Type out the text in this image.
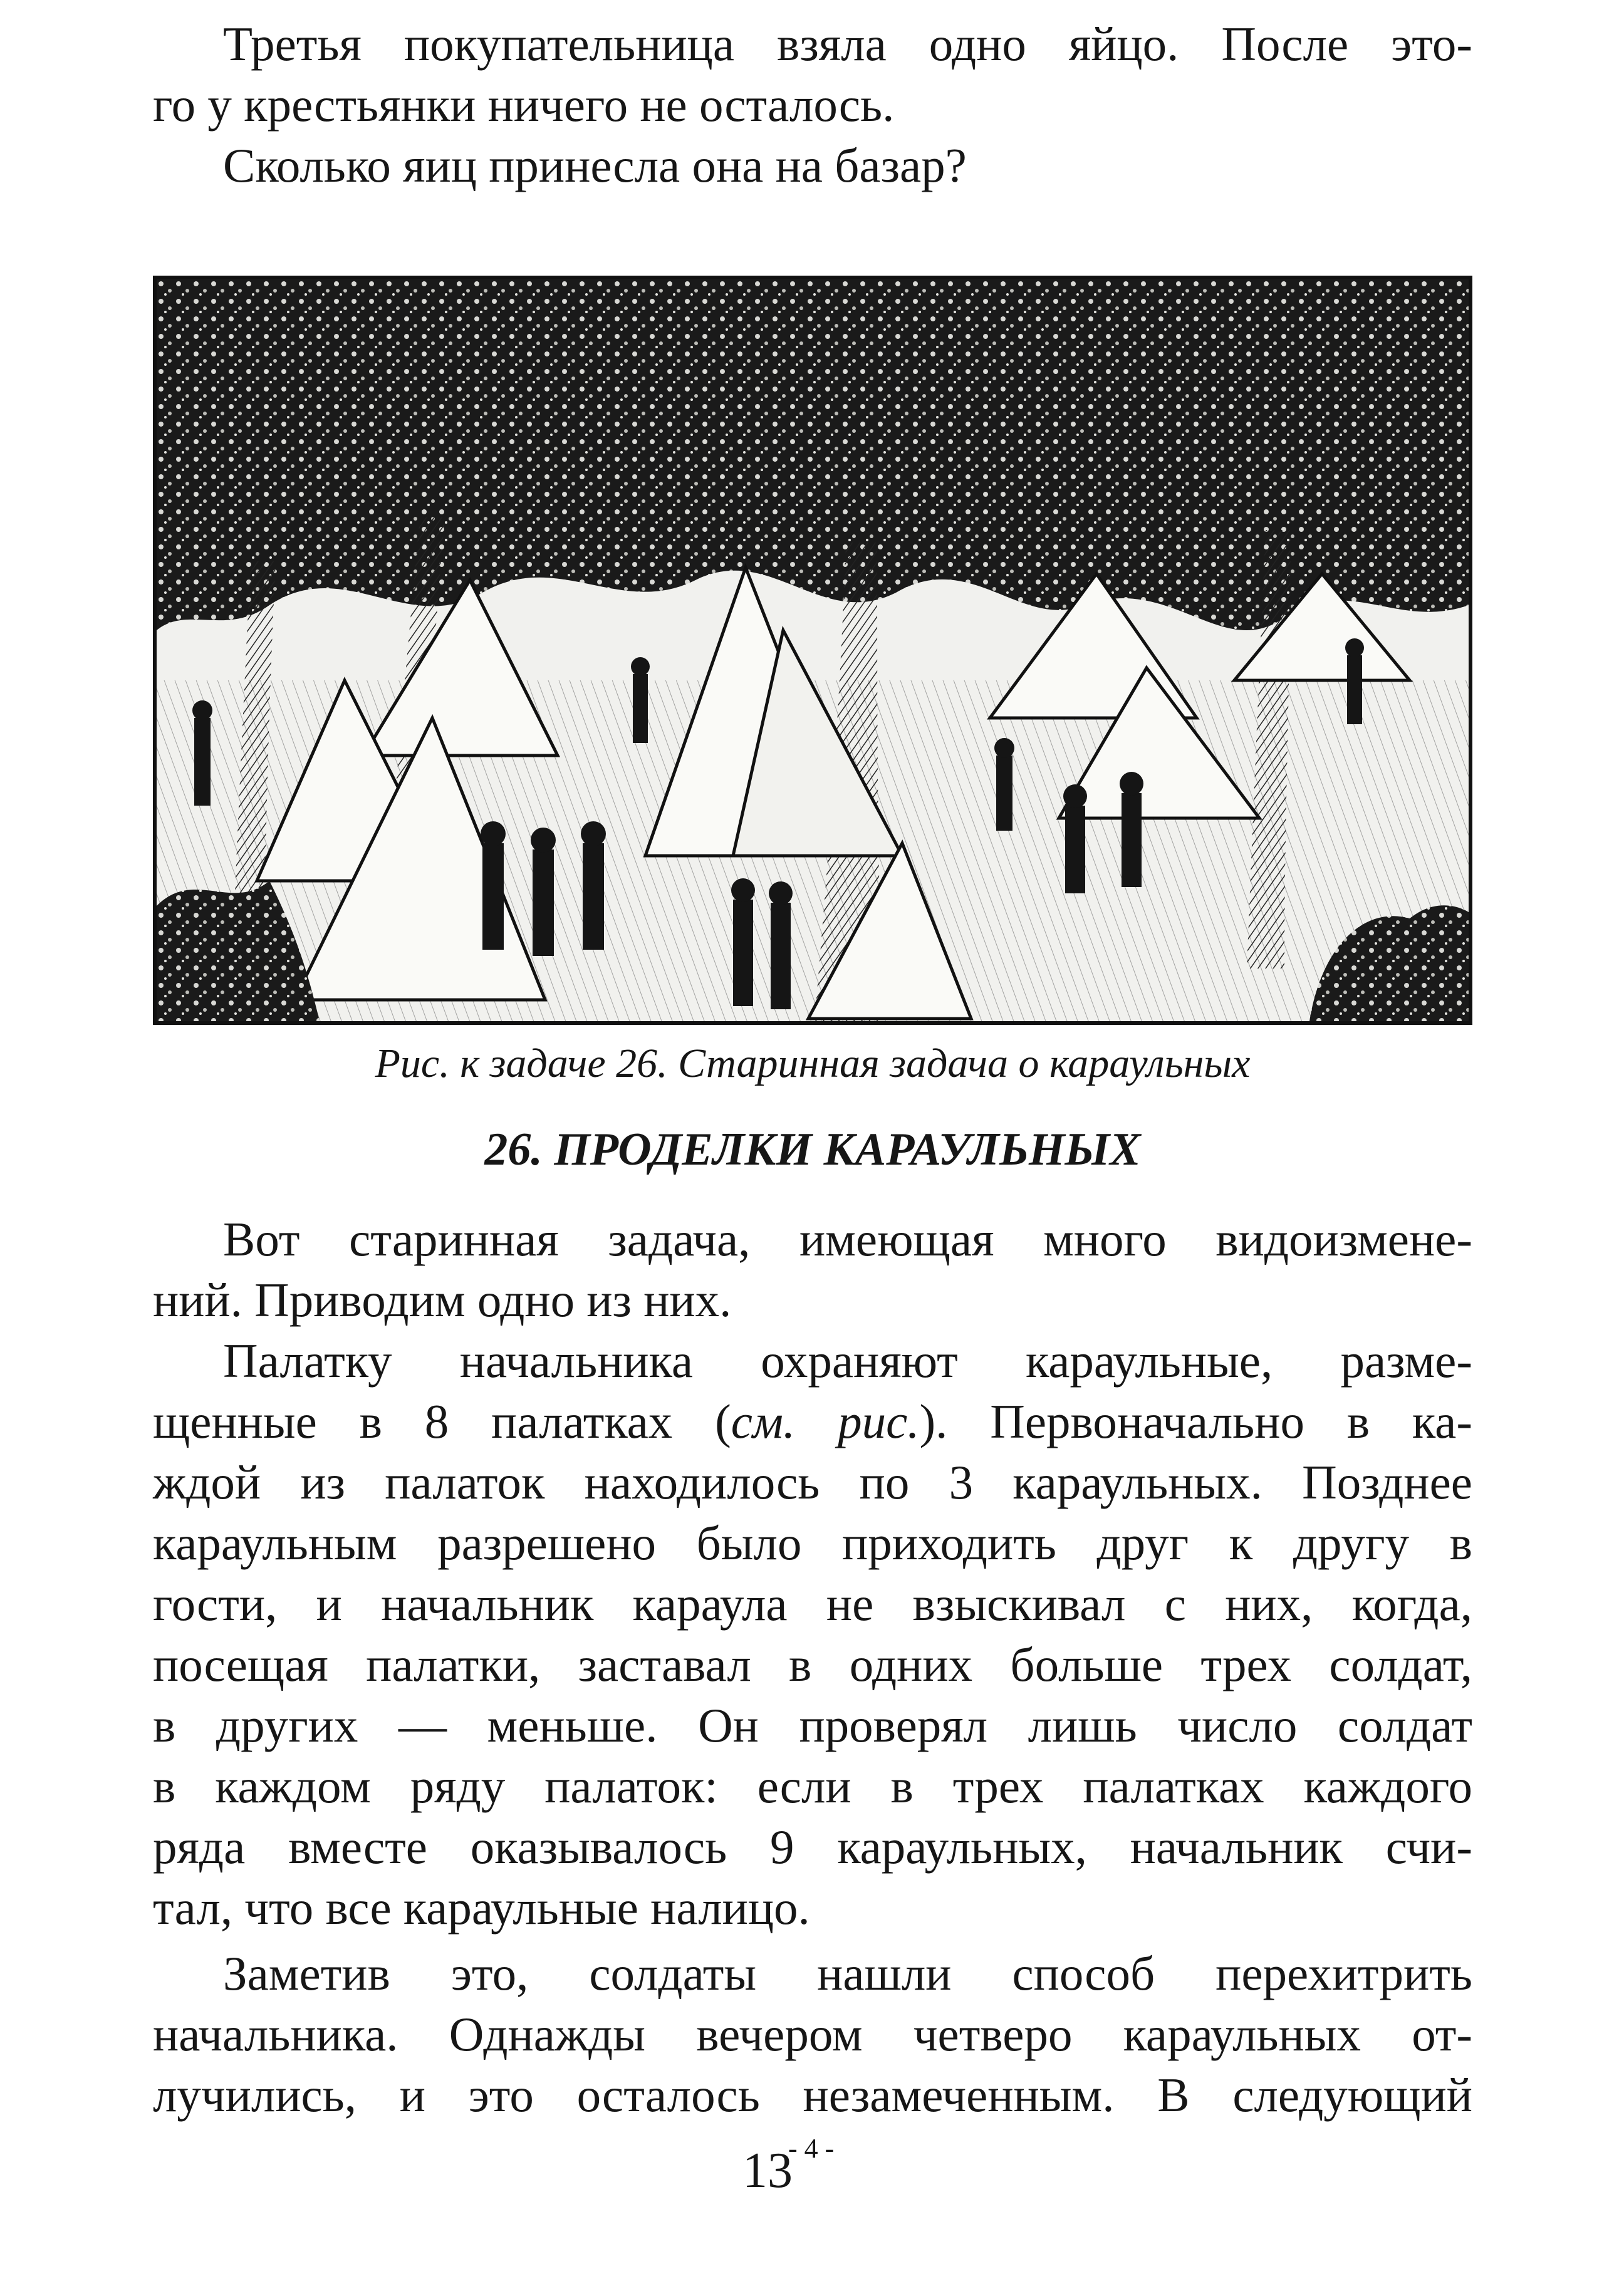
Третья покупательница взяла одно яйцо. После это-
го у крестьянки ничего не осталось.

Сколько яиц принесла она на базар?

Рис. к задаче 26. Старинная задача о караульных
26. ПРОДЕЛКИ КАРАУЛЬНЫХ

Вот старинная задача, имеющая много видоизмене-
ний. Приводим одно из них.

Палатку начальника охраняют караульные, разме-
щенные в 8 палатках (см. рис.). Первоначально в ка-
ждой из палаток находилось по 3 караульных. Позднее
караульным разрешено было приходить друг к другу в
гости, и начальник караула не взыскивал с них, когда,
посещая палатки, заставал в одних больше трех солдат,
в других — меньше. Он проверял лишь число солдат
в каждом ряду палаток: если в трех палатках каждого
ряда вместе оказывалось 9 караульных, начальник счи-
тал, что все караульные налицо.

Заметив это, солдаты нашли способ перехитрить
начальника. Однажды вечером четверо караульных от-
лучились, и это осталось незамеченным. В следующий

- 4 -
13
